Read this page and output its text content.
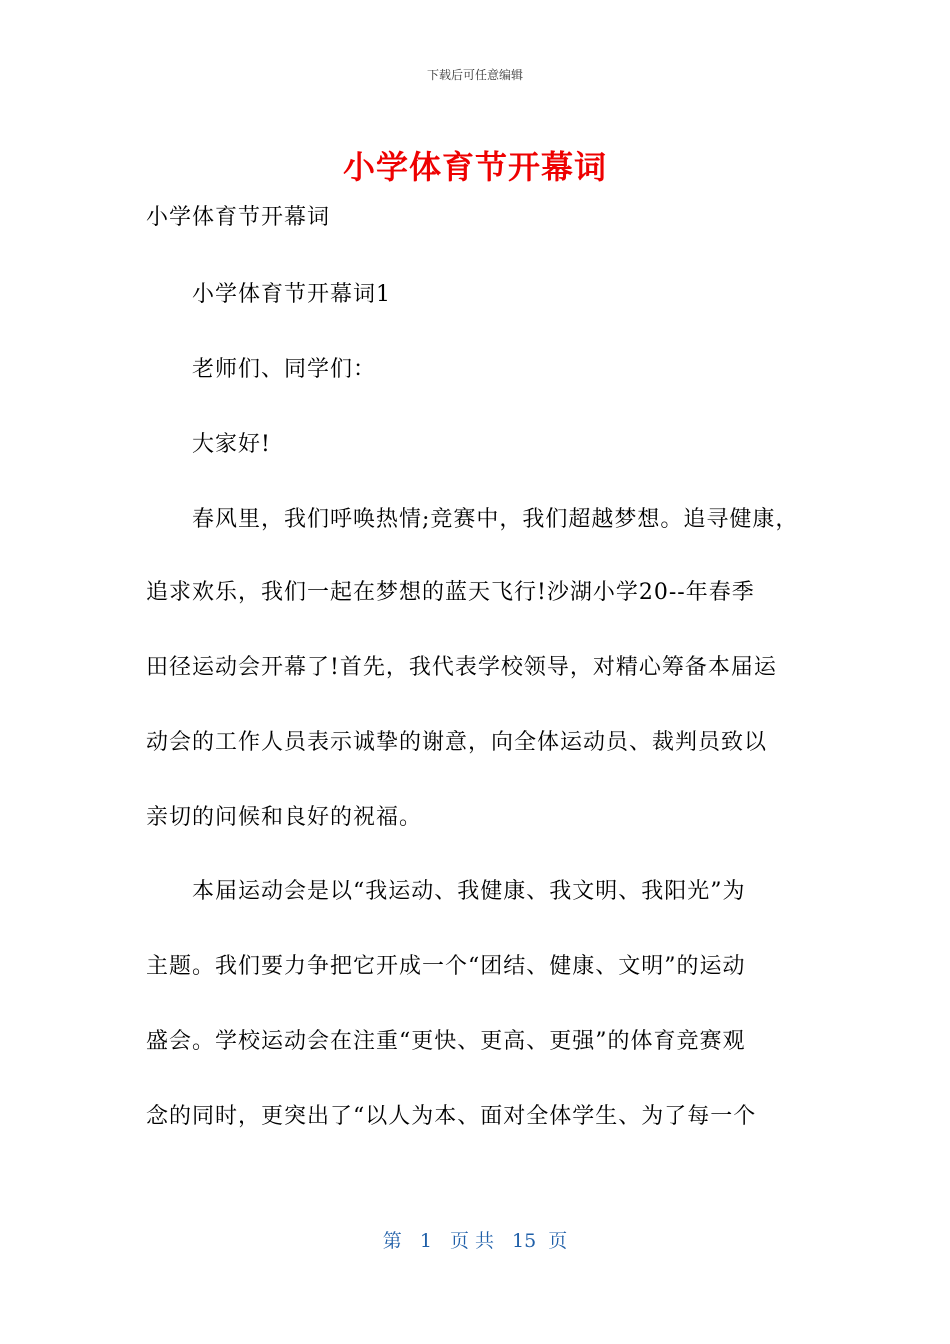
下载后可任意编辑
小学体育节开幕词
小学体育节开幕词
小学体育节开幕词1
老师们、同学们：
大家好!
春风里，我们呼唤热情;竞赛中，我们超越梦想。追寻健康，
追求欢乐，我们一起在梦想的蓝天飞行!沙湖小学20--年春季
田径运动会开幕了!首先，我代表学校领导，对精心筹备本届运
动会的工作人员表示诚挚的谢意，向全体运动员、裁判员致以
亲切的问候和良好的祝福。
本届运动会是以“我运动、我健康、我文明、我阳光”为
主题。我们要力争把它开成一个“团结、健康、文明”的运动
盛会。学校运动会在注重“更快、更高、更强”的体育竞赛观
念的同时，更突出了“以人为本、面对全体学生、为了每一个
第 1 页 共 15 页
